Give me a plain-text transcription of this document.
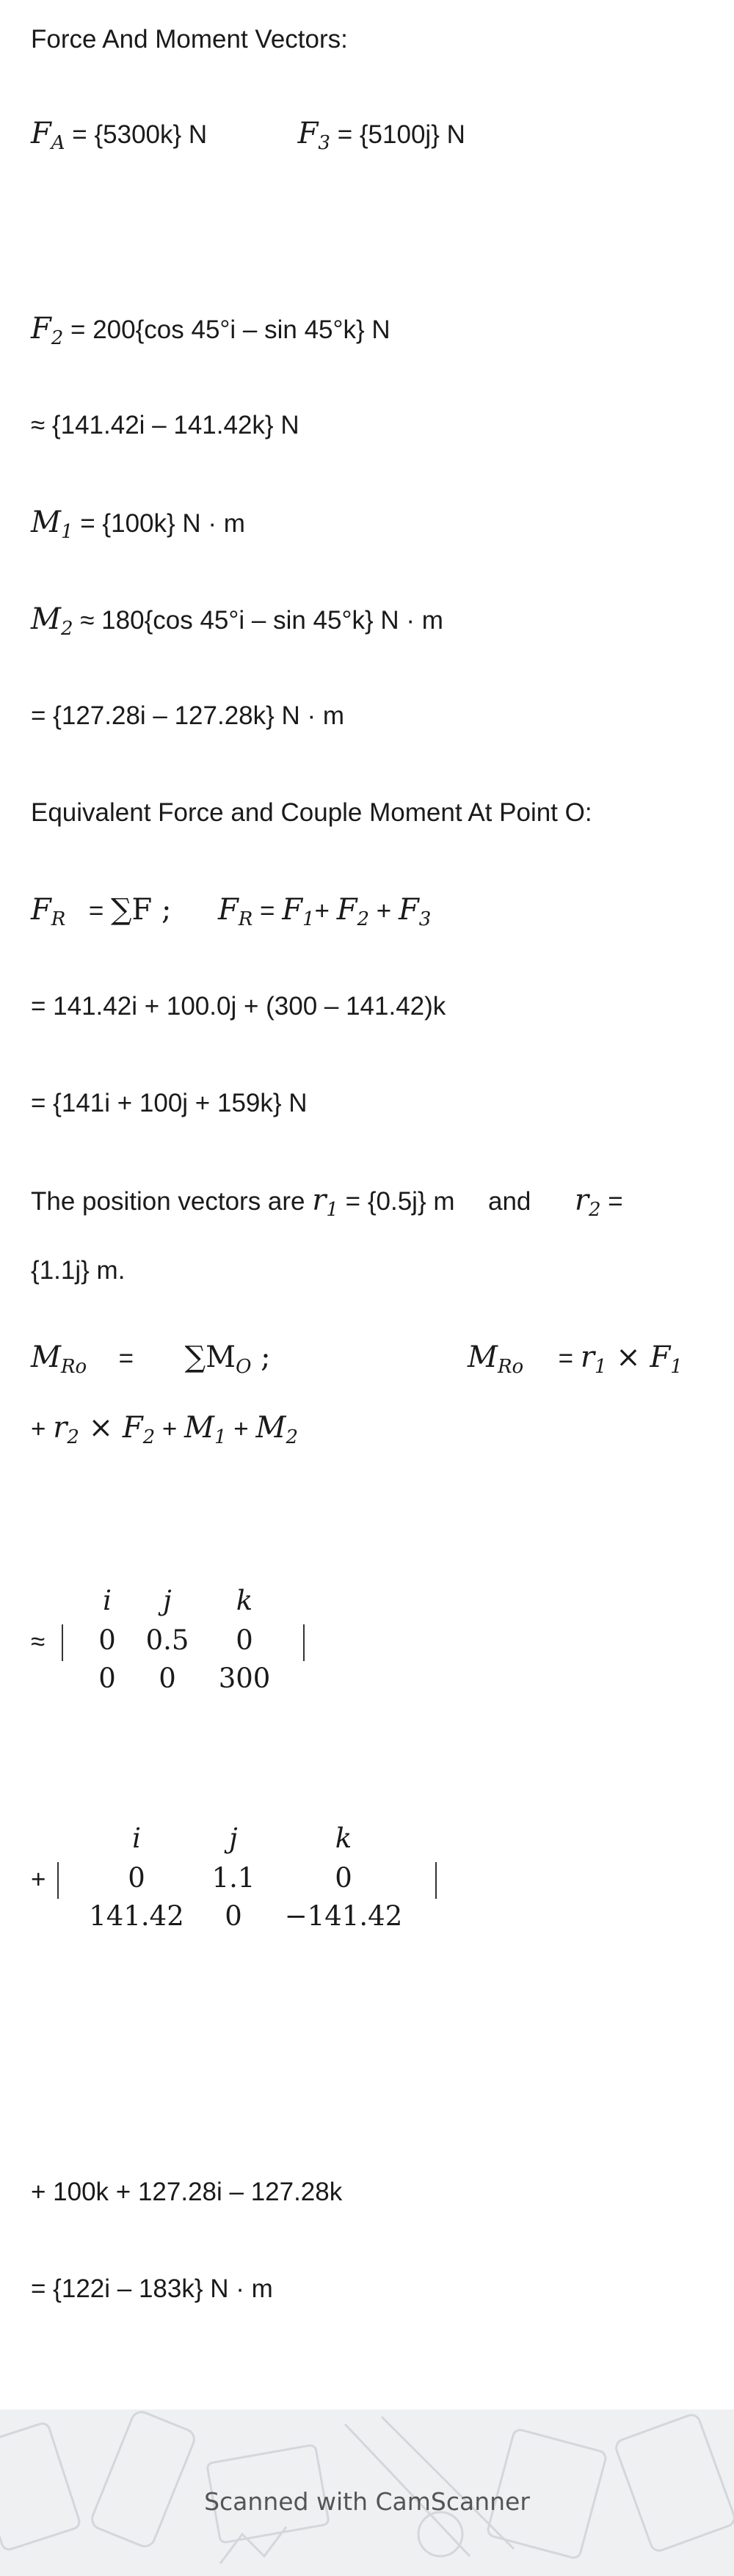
Force And Moment Vectors:
$F_A = \{5300k\}$ N	$F_3 = \{5100j\}$ N
$F_2 = 200\{\cos$ 45°i – sin 45°k} N
≈ {141.42i – 141.42k} N
$M_1 = \{100k\} N \cdot m$
$M_2 \approx 180\{\cos$ 45°i – sin 45°k} N · m
= {127.28i – 127.28k} N · m
Equivalent Force and Couple Moment At Point O:
$F_R = \sum F$ ; $F_R = F_1+ F_2 + F_3$
= 141.42i + 100.0j + (300 – 141.42)k
= {141i + 100j + 159k} N
The position vectors are $r_1 = \{0.5j\}$ m and $r_2$ =
{1.1j} m.
$M_{Ro} = \sum M_O$ ;	$M_{Ro} = r_1 \times F_1$
+ $r_2 \times F_2 + M_1 + M_2$
≈
i j k
0 0.5 0
0 0 300
+
i	j	k
0 1.1	0
141.42 0 −141.42
+ 100k + 127.28i – 127.28k
= {122i – 183k} N · m
Scanned with CamScanner
